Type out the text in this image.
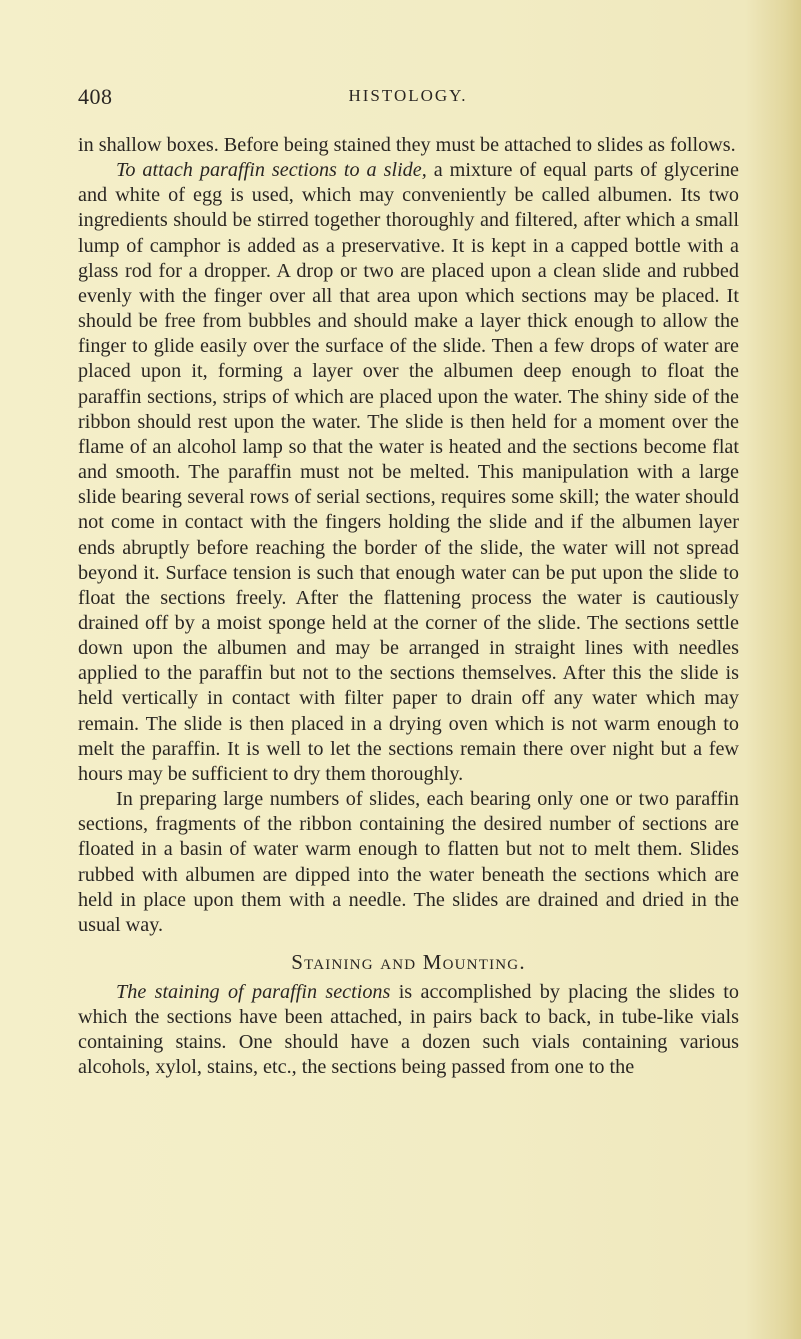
408	HISTOLOGY.

in shallow boxes. Before being stained they must be attached to slides as follows.

To attach paraffin sections to a slide, a mixture of equal parts of glycerine and white of egg is used, which may conveniently be called albumen. Its two ingredients should be stirred together thoroughly and filtered, after which a small lump of camphor is added as a preservative. It is kept in a capped bottle with a glass rod for a dropper. A drop or two are placed upon a clean slide and rubbed evenly with the finger over all that area upon which sections may be placed. It should be free from bubbles and should make a layer thick enough to allow the finger to glide easily over the surface of the slide. Then a few drops of water are placed upon it, forming a layer over the albumen deep enough to float the paraffin sections, strips of which are placed upon the water. The shiny side of the ribbon should rest upon the water. The slide is then held for a moment over the flame of an alcohol lamp so that the water is heated and the sections become flat and smooth. The paraffin must not be melted. This manipulation with a large slide bearing several rows of serial sections, requires some skill; the water should not come in contact with the fingers holding the slide and if the albumen layer ends abruptly before reaching the border of the slide, the water will not spread beyond it. Surface tension is such that enough water can be put upon the slide to float the sections freely. After the flattening process the water is cautiously drained off by a moist sponge held at the corner of the slide. The sections settle down upon the albumen and may be arranged in straight lines with needles applied to the paraffin but not to the sections themselves. After this the slide is held vertically in contact with filter paper to drain off any water which may remain. The slide is then placed in a drying oven which is not warm enough to melt the paraffin. It is well to let the sections remain there over night but a few hours may be sufficient to dry them thoroughly.

In preparing large numbers of slides, each bearing only one or two paraffin sections, fragments of the ribbon containing the desired number of sections are floated in a basin of water warm enough to flatten but not to melt them. Slides rubbed with albumen are dipped into the water beneath the sections which are held in place upon them with a needle. The slides are drained and dried in the usual way.

Staining and Mounting.

The staining of paraffin sections is accomplished by placing the slides to which the sections have been attached, in pairs back to back, in tube-like vials containing stains. One should have a dozen such vials containing various alcohols, xylol, stains, etc., the sections being passed from one to the
